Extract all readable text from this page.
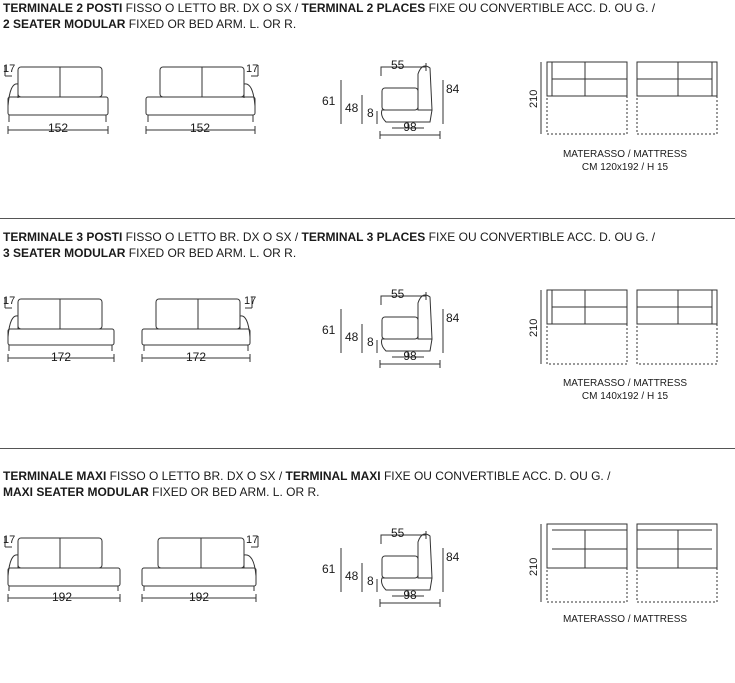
TERMINALE 2 POSTI FISSO O LETTO BR. DX O SX / TERMINAL 2 PLACES FIXE OU CONVERTIBLE ACC. D. OU G. /
2 SEATER MODULAR FIXED OR BED ARM. L. OR R.
17
152
17
152
55
84
61 48 8
98
210
MATERASSO / MATTRESS
CM 120x192 / H 15
TERMINALE 3 POSTI FISSO O LETTO BR. DX O SX / TERMINAL 3 PLACES FIXE OU CONVERTIBLE ACC. D. OU G. /
3 SEATER MODULAR FIXED OR BED ARM. L. OR R.
17
172
17
172
55
84
61 48 8
98
210
MATERASSO / MATTRESS
CM 140x192 / H 15
TERMINALE MAXI FISSO O LETTO BR. DX O SX / TERMINAL MAXI FIXE OU CONVERTIBLE ACC. D. OU G. /
MAXI SEATER MODULAR FIXED OR BED ARM. L. OR R.
17
192
17
192
55
84
61 48 8
98
210
MATERASSO / MATTRESS
